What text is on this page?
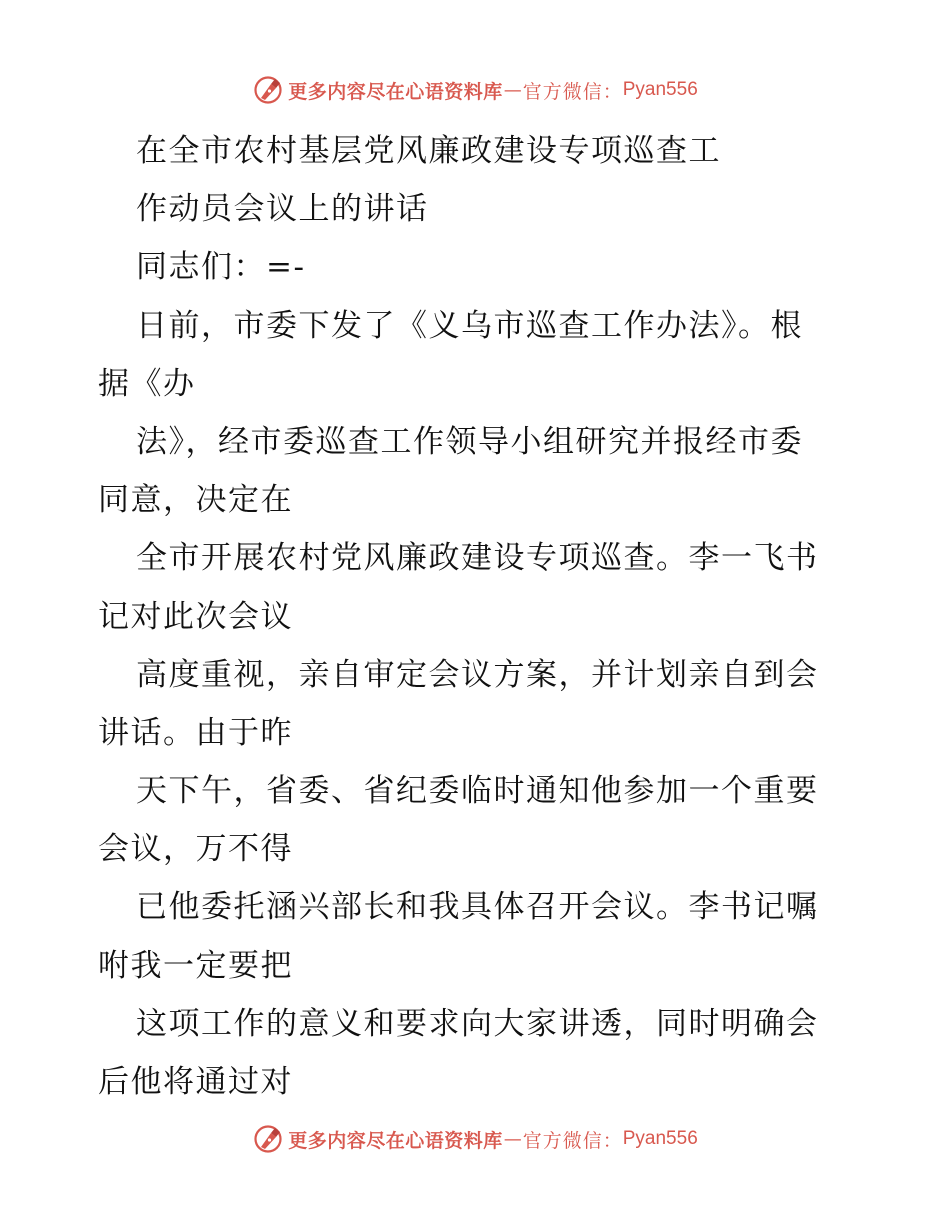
更多内容尽在心语资料库 — 官方微信： Pyan556
在全市农村基层党风廉政建设专项巡查工
作动员会议上的讲话
同志们：=-
日前，市委下发了《义乌市巡查工作办法》。根
据《办
法》，经市委巡查工作领导小组研究并报经市委
同意，决定在
全市开展农村党风廉政建设专项巡查。李一飞书
记对此次会议
高度重视，亲自审定会议方案，并计划亲自到会
讲话。由于昨
天下午，省委、省纪委临时通知他参加一个重要
会议，万不得
已他委托涵兴部长和我具体召开会议。李书记嘱
咐我一定要把
这项工作的意义和要求向大家讲透，同时明确会
后他将通过对
更多内容尽在心语资料库 — 官方微信： Pyan556
